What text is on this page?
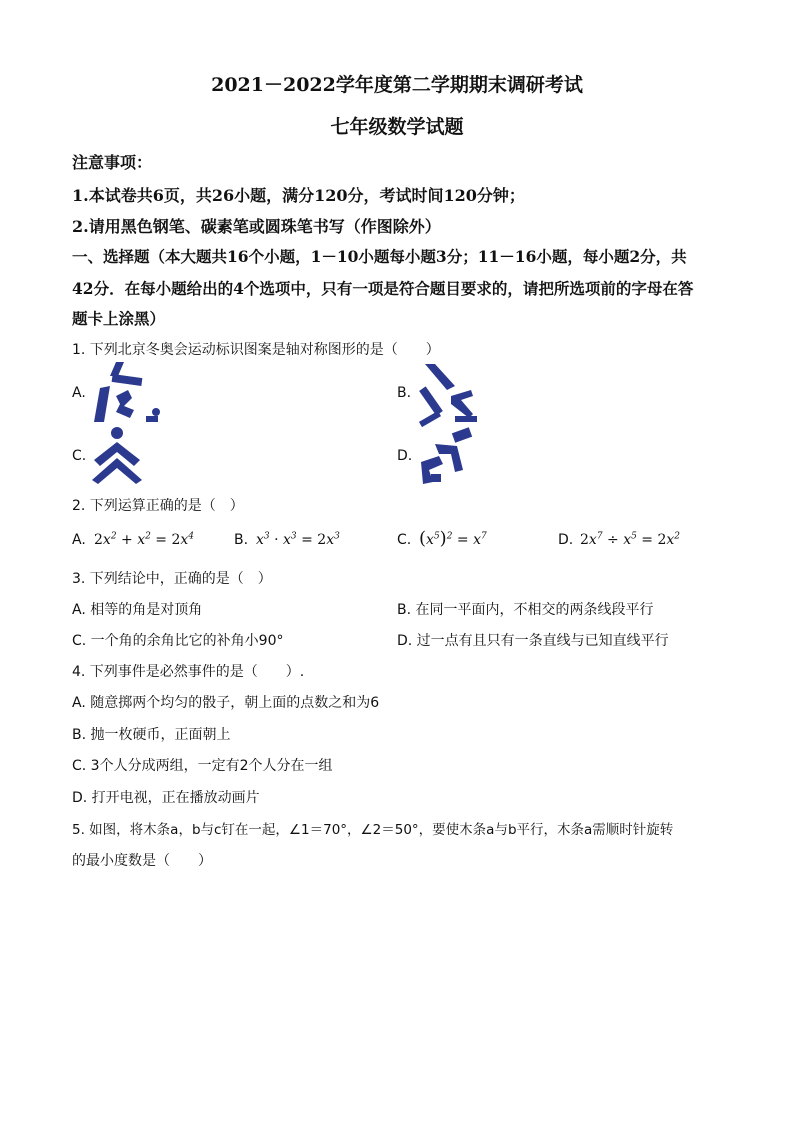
2021－2022学年度第二学期期末调研考试
七年级数学试题
注意事项：
1.本试卷共6页，共26小题，满分120分，考试时间120分钟；
2.请用黑色钢笔、碳素笔或圆珠笔书写（作图除外）
一、选择题（本大题共16个小题，1－10小题每小题3分；11－16小题，每小题2分，共
42分．在每小题给出的4个选项中，只有一项是符合题目要求的，请把所选项前的字母在答
题卡上涂黑）
1. 下列北京冬奥会运动标识图案是轴对称图形的是（　　）
A.	B.
C.	D.
2. 下列运算正确的是（　）
A. $2x^2 + x^2 = 2x^4$	B. $x^3 \cdot x^3 = 2x^3$	C. $(x^5)^2 = x^7$	D. $2x^7 \div x^5 = 2x^2$
3. 下列结论中，正确的是（　）
A. 相等的角是对顶角	B. 在同一平面内，不相交的两条线段平行
C. 一个角的余角比它的补角小90°	D. 过一点有且只有一条直线与已知直线平行
4. 下列事件是必然事件的是（　　）.
A. 随意掷两个均匀的骰子，朝上面的点数之和为6
B. 抛一枚硬币，正面朝上
C. 3个人分成两组，一定有2个人分在一组
D. 打开电视，正在播放动画片
5. 如图，将木条a，b与c钉在一起，∠1＝70°，∠2＝50°，要使木条a与b平行，木条a需顺时针旋转
的最小度数是（　　）
